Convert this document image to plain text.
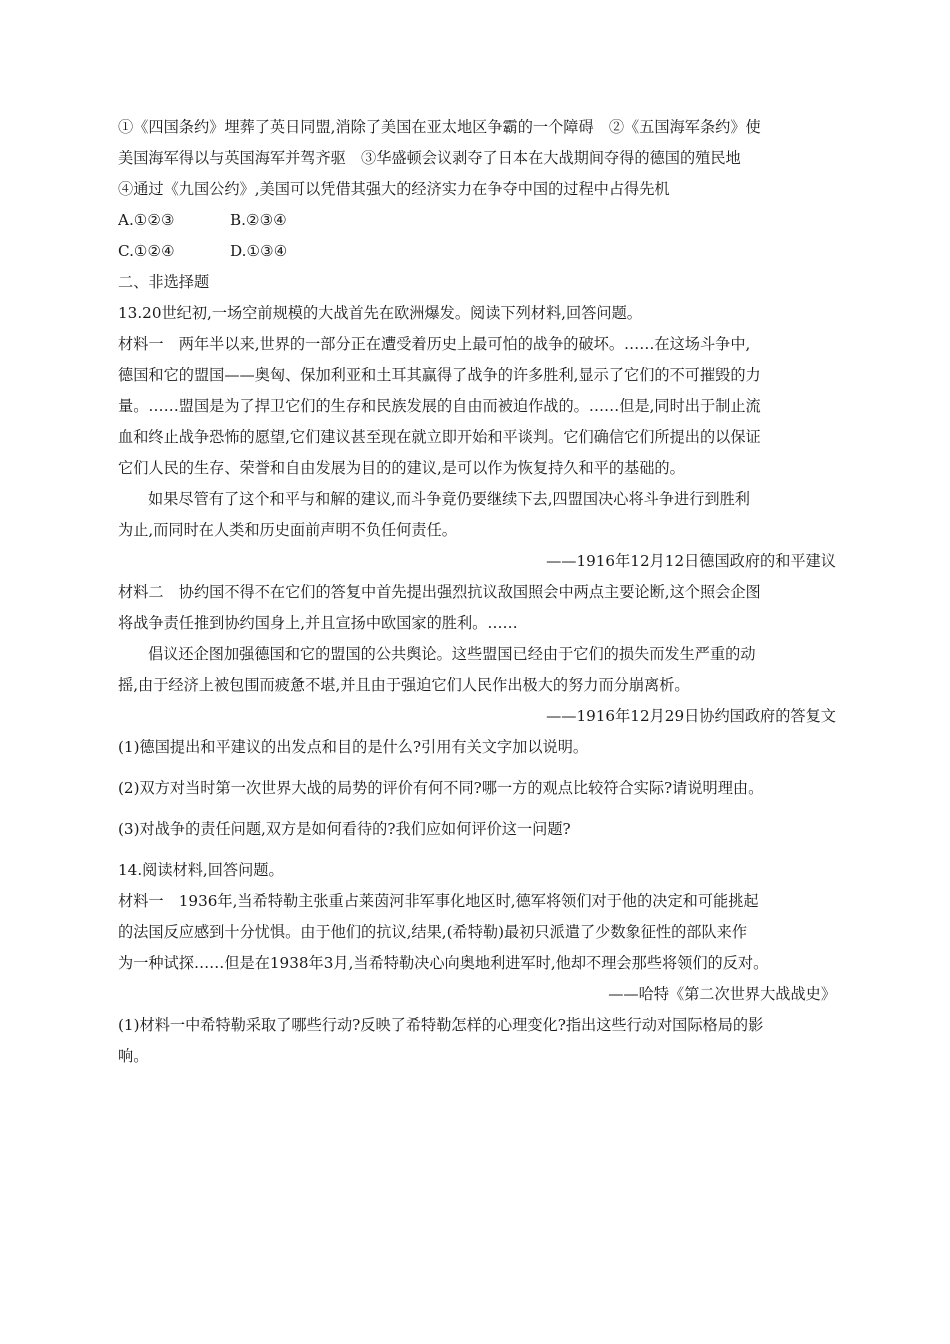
①《四国条约》埋葬了英日同盟,消除了美国在亚太地区争霸的一个障碍　②《五国海军条约》使
美国海军得以与英国海军并驾齐驱　③华盛顿会议剥夺了日本在大战期间夺得的德国的殖民地
④通过《九国公约》,美国可以凭借其强大的经济实力在争夺中国的过程中占得先机
A.①②③	B.②③④
C.①②④	D.①③④
二、非选择题
13.20世纪初,一场空前规模的大战首先在欧洲爆发。阅读下列材料,回答问题。
材料一　两年半以来,世界的一部分正在遭受着历史上最可怕的战争的破坏。……在这场斗争中,
德国和它的盟国——奥匈、保加利亚和土耳其赢得了战争的许多胜利,显示了它们的不可摧毁的力
量。……盟国是为了捍卫它们的生存和民族发展的自由而被迫作战的。……但是,同时出于制止流
血和终止战争恐怖的愿望,它们建议甚至现在就立即开始和平谈判。它们确信它们所提出的以保证
它们人民的生存、荣誉和自由发展为目的的建议,是可以作为恢复持久和平的基础的。
如果尽管有了这个和平与和解的建议,而斗争竟仍要继续下去,四盟国决心将斗争进行到胜利
为止,而同时在人类和历史面前声明不负任何责任。
——1916年12月12日德国政府的和平建议
材料二　协约国不得不在它们的答复中首先提出强烈抗议敌国照会中两点主要论断,这个照会企图
将战争责任推到协约国身上,并且宣扬中欧国家的胜利。……
倡议还企图加强德国和它的盟国的公共舆论。这些盟国已经由于它们的损失而发生严重的动
摇,由于经济上被包围而疲惫不堪,并且由于强迫它们人民作出极大的努力而分崩离析。
——1916年12月29日协约国政府的答复文
(1)德国提出和平建议的出发点和目的是什么?引用有关文字加以说明。
(2)双方对当时第一次世界大战的局势的评价有何不同?哪一方的观点比较符合实际?请说明理由。
(3)对战争的责任问题,双方是如何看待的?我们应如何评价这一问题?
14.阅读材料,回答问题。
材料一　1936年,当希特勒主张重占莱茵河非军事化地区时,德军将领们对于他的决定和可能挑起
的法国反应感到十分忧惧。由于他们的抗议,结果,(希特勒)最初只派遣了少数象征性的部队来作
为一种试探……但是在1938年3月,当希特勒决心向奥地利进军时,他却不理会那些将领们的反对。
——哈特《第二次世界大战战史》
(1)材料一中希特勒采取了哪些行动?反映了希特勒怎样的心理变化?指出这些行动对国际格局的影
响。
